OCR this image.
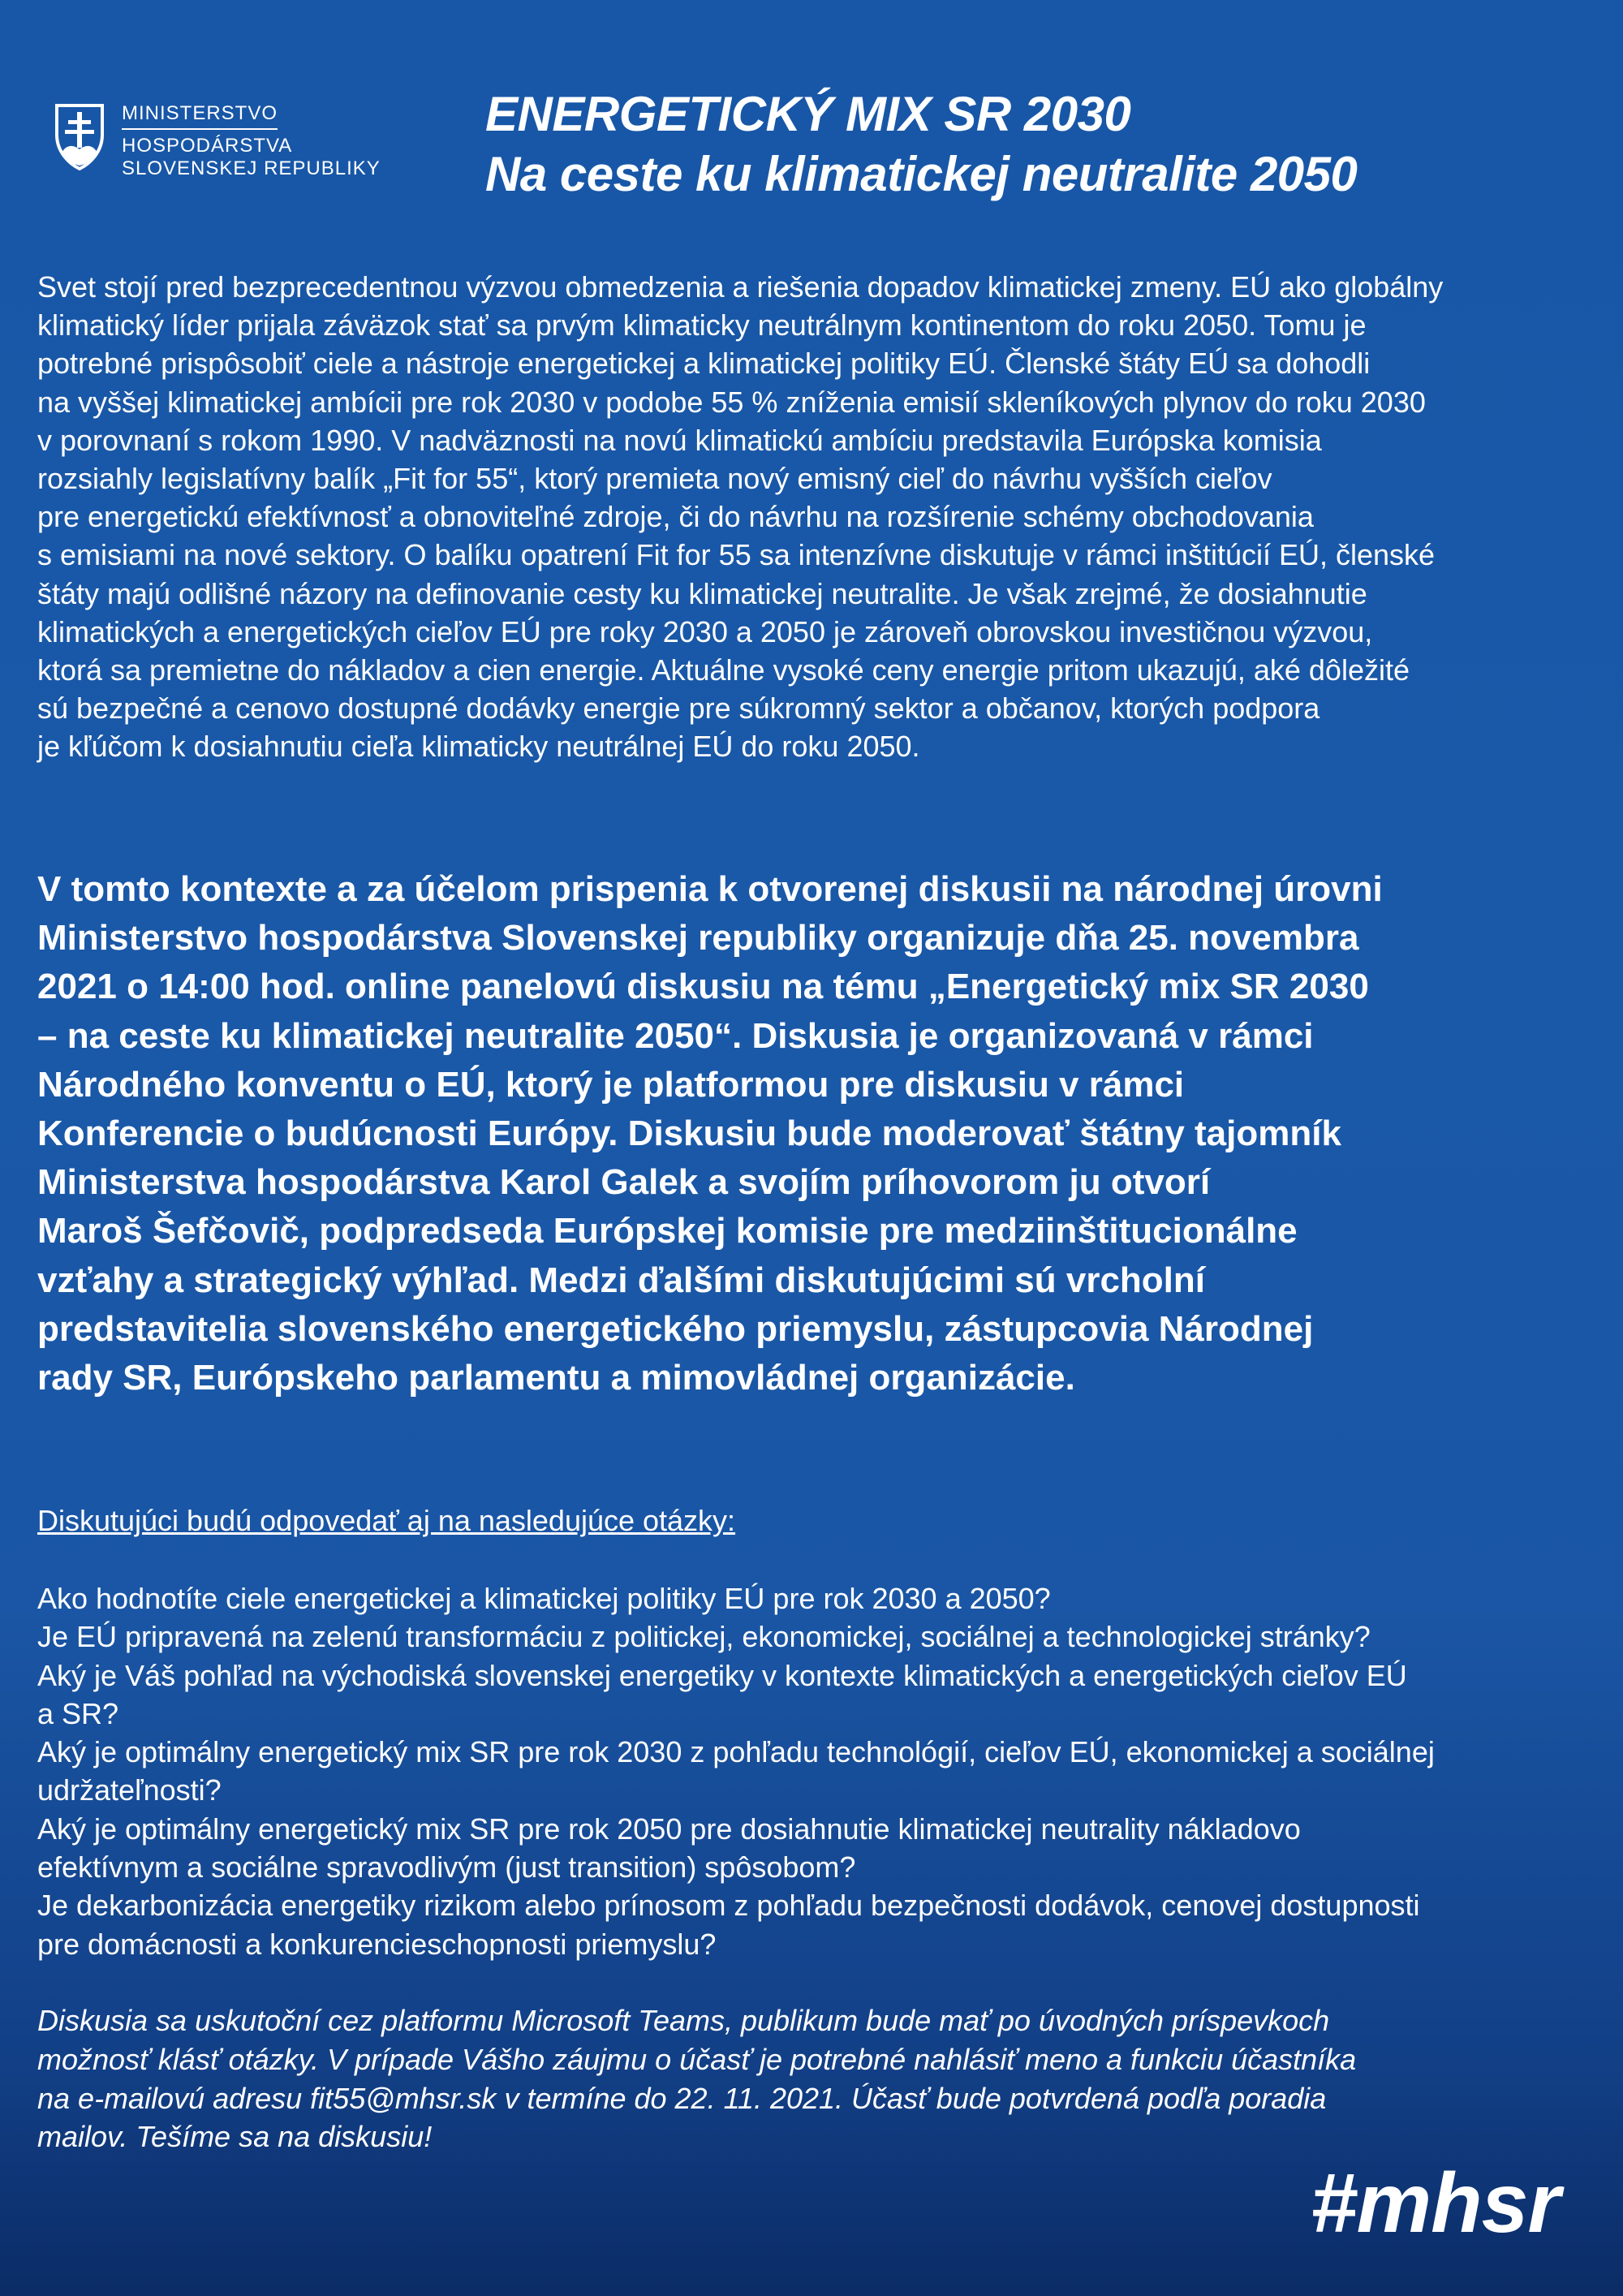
MINISTERSTVO
HOSPODÁRSTVA
SLOVENSKEJ REPUBLIKY
ENERGETICKÝ MIX SR 2030
Na ceste ku klimatickej neutralite 2050
Svet stojí pred bezprecedentnou výzvou obmedzenia a riešenia dopadov klimatickej zmeny. EÚ ako globálny
klimatický líder prijala záväzok stať sa prvým klimaticky neutrálnym kontinentom do roku 2050. Tomu je
potrebné prispôsobiť ciele a nástroje energetickej a klimatickej politiky EÚ. Členské štáty EÚ sa dohodli
na vyššej klimatickej ambícii pre rok 2030 v podobe 55 % zníženia emisií skleníkových plynov do roku 2030
v porovnaní s rokom 1990. V nadväznosti na novú klimatickú ambíciu predstavila Európska komisia
rozsiahly legislatívny balík „Fit for 55“, ktorý premieta nový emisný cieľ do návrhu vyšších cieľov
pre energetickú efektívnosť a obnoviteľné zdroje, či do návrhu na rozšírenie schémy obchodovania
s emisiami na nové sektory. O balíku opatrení Fit for 55 sa intenzívne diskutuje v rámci inštitúcií EÚ, členské
štáty majú odlišné názory na definovanie cesty ku klimatickej neutralite. Je však zrejmé, že dosiahnutie
klimatických a energetických cieľov EÚ pre roky 2030 a 2050 je zároveň obrovskou investičnou výzvou,
ktorá sa premietne do nákladov a cien energie. Aktuálne vysoké ceny energie pritom ukazujú, aké dôležité
sú bezpečné a cenovo dostupné dodávky energie pre súkromný sektor a občanov, ktorých podpora
je kľúčom k dosiahnutiu cieľa klimaticky neutrálnej EÚ do roku 2050.
V tomto kontexte a za účelom prispenia k otvorenej diskusii na národnej úrovni
Ministerstvo hospodárstva Slovenskej republiky organizuje dňa 25. novembra
2021 o 14:00 hod. online panelovú diskusiu na tému „Energetický mix SR 2030
– na ceste ku klimatickej neutralite 2050“. Diskusia je organizovaná v rámci
Národného konventu o EÚ, ktorý je platformou pre diskusiu v rámci
Konferencie o budúcnosti Európy. Diskusiu bude moderovať štátny tajomník
Ministerstva hospodárstva Karol Galek a svojím príhovorom ju otvorí
Maroš Šefčovič, podpredseda Európskej komisie pre medziinštitucionálne
vzťahy a strategický výhľad. Medzi ďalšími diskutujúcimi sú vrcholní
predstavitelia slovenského energetického priemyslu, zástupcovia Národnej
rady SR, Európskeho parlamentu a mimovládnej organizácie.
Diskutujúci budú odpovedať aj na nasledujúce otázky:
Ako hodnotíte ciele energetickej a klimatickej politiky EÚ pre rok 2030 a 2050?
Je EÚ pripravená na zelenú transformáciu z politickej, ekonomickej, sociálnej a technologickej stránky?
Aký je Váš pohľad na východiská slovenskej energetiky v kontexte klimatických a energetických cieľov EÚ
a SR?
Aký je optimálny energetický mix SR pre rok 2030 z pohľadu technológií, cieľov EÚ, ekonomickej a sociálnej
udržateľnosti?
Aký je optimálny energetický mix SR pre rok 2050 pre dosiahnutie klimatickej neutrality nákladovo
efektívnym a sociálne spravodlivým (just transition) spôsobom?
Je dekarbonizácia energetiky rizikom alebo prínosom z pohľadu bezpečnosti dodávok, cenovej dostupnosti
pre domácnosti a konkurencieschopnosti priemyslu?
Diskusia sa uskutoční cez platformu Microsoft Teams, publikum bude mať po úvodných príspevkoch
možnosť klásť otázky. V prípade Vášho záujmu o účasť je potrebné nahlásiť meno a funkciu účastníka
na e-mailovú adresu fit55@mhsr.sk v termíne do 22. 11. 2021. Účasť bude potvrdená podľa poradia
mailov. Tešíme sa na diskusiu!
#mhsr
